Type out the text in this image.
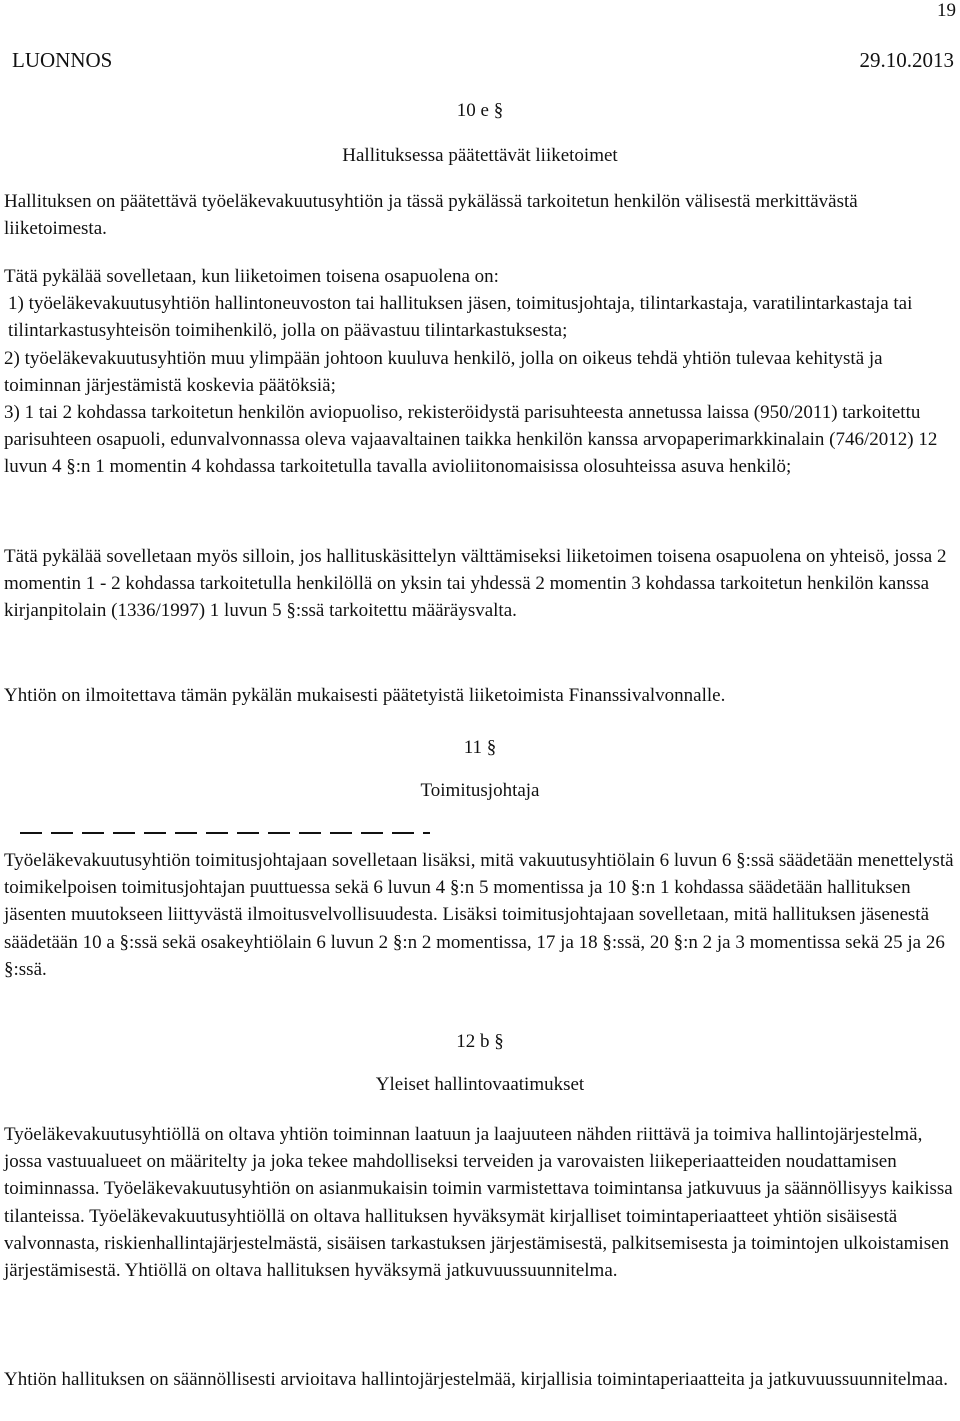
19
LUONNOS	29.10.2013
10 e §
Hallituksessa päätettävät liiketoimet
Hallituksen on päätettävä työeläkevakuutusyhtiön ja tässä pykälässä tarkoitetun henkilön välisestä merkittävästä liiketoimesta.
Tätä pykälää sovelletaan, kun liiketoimen toisena osapuolena on:
1) työeläkevakuutusyhtiön hallintoneuvoston tai hallituksen jäsen, toimitusjohtaja, tilintarkastaja, varatilintarkastaja tai tilintarkastusyhteisön toimihenkilö, jolla on päävastuu tilintarkastuksesta;
2) työeläkevakuutusyhtiön muu ylimpään johtoon kuuluva henkilö, jolla on oikeus tehdä yhtiön tulevaa kehitystä ja toiminnan järjestämistä koskevia päätöksiä;
3) 1 tai 2 kohdassa tarkoitetun henkilön aviopuoliso, rekisteröidystä parisuhteesta annetussa laissa (950/2011) tarkoitettu parisuhteen osapuoli, edunvalvonnassa oleva vajaavaltainen taikka henkilön kanssa arvopaperimarkkinalain (746/2012) 12 luvun 4 §:n 1 momentin 4 kohdassa tarkoitetulla tavalla avioliitonomaisissa olosuhteissa asuva henkilö;
Tätä pykälää sovelletaan myös silloin, jos hallituskäsittelyn välttämiseksi liiketoimen toisena osapuolena on yhteisö, jossa 2 momentin 1 - 2 kohdassa tarkoitetulla henkilöllä on yksin tai yhdessä 2 momentin 3 kohdassa tarkoitetun henkilön kanssa kirjanpitolain (1336/1997) 1 luvun 5 §:ssä tarkoitettu määräysvalta.
Yhtiön on ilmoitettava tämän pykälän mukaisesti päätetyistä liiketoimista Finanssivalvonnalle.
11 §
Toimitusjohtaja
Työeläkevakuutusyhtiön toimitusjohtajaan sovelletaan lisäksi, mitä vakuutusyhtiölain 6 luvun 6 §:ssä säädetään menettelystä toimikelpoisen toimitusjohtajan puuttuessa sekä 6 luvun 4 §:n 5 momentissa ja 10 §:n 1 kohdassa säädetään hallituksen jäsenten muutokseen liittyvästä ilmoitusvelvollisuudesta. Lisäksi toimitusjohtajaan sovelletaan, mitä hallituksen jäsenestä säädetään 10 a §:ssä sekä osakeyhtiölain 6 luvun 2 §:n 2 momentissa, 17 ja 18 §:ssä, 20 §:n 2 ja 3 momentissa sekä 25 ja 26 §:ssä.
12 b §
Yleiset hallintovaatimukset
Työeläkevakuutusyhtiöllä on oltava yhtiön toiminnan laatuun ja laajuuteen nähden riittävä ja toimiva hallintojärjestelmä, jossa vastuualueet on määritelty ja joka tekee mahdolliseksi terveiden ja varovaisten liikeperiaatteiden noudattamisen toiminnassa. Työeläkevakuutusyhtiön on asianmukaisin toimin varmistettava toimintansa jatkuvuus ja säännöllisyys kaikissa tilanteissa. Työeläkevakuutusyhtiöllä on oltava hallituksen hyväksymät kirjalliset toimintaperiaatteet yhtiön sisäisestä valvonnasta, riskienhallintajärjestelmästä, sisäisen tarkastuksen järjestämisestä, palkitsemisesta ja toimintojen ulkoistamisen järjestämisestä. Yhtiöllä on oltava hallituksen hyväksymä jatkuvuussuunnitelma.
Yhtiön hallituksen on säännöllisesti arvioitava hallintojärjestelmää, kirjallisia toimintaperiaatteita ja jatkuvuussuunnitelmaa.
